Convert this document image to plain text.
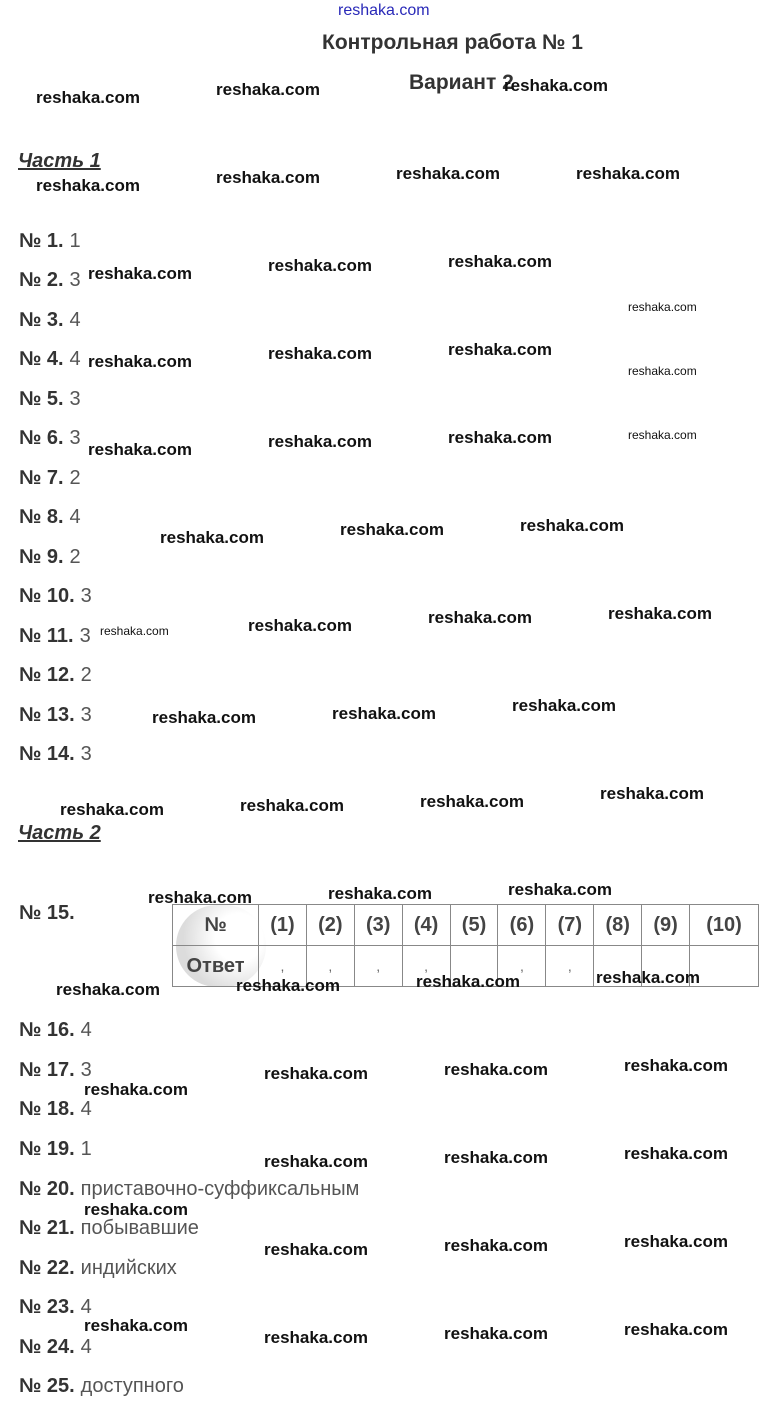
reshaka.com
Контрольная работа № 1
Вариант 2
Часть 1
№ 1. 1
№ 2. 3
№ 3. 4
№ 4. 4
№ 5. 3
№ 6. 3
№ 7. 2
№ 8. 4
№ 9. 2
№ 10. 3
№ 11. 3
№ 12. 2
№ 13. 3
№ 14. 3
Часть 2
№ 15.
№	(1)	(2)	(3)	(4)	(5)	(6)	(7)	(8)	(9)	(10)
Ответ	,	,	,	,		,	,			
№ 16. 4
№ 17. 3
№ 18. 4
№ 19. 1
№ 20. приставочно-суффиксальным
№ 21. побывавшие
№ 22. индийских
№ 23. 4
№ 24. 4
№ 25. доступного
reshaka.com	reshaka.com	reshaka.com
reshaka.com	reshaka.com	reshaka.com	reshaka.com
reshaka.com	reshaka.com	reshaka.com
reshaka.com
reshaka.com	reshaka.com	reshaka.com
reshaka.com
reshaka.com	reshaka.com	reshaka.com	reshaka.com
reshaka.com	reshaka.com	reshaka.com
reshaka.com	reshaka.com	reshaka.com	reshaka.com
reshaka.com	reshaka.com	reshaka.com
reshaka.com	reshaka.com	reshaka.com	reshaka.com
reshaka.com	reshaka.com	reshaka.com
reshaka.com	reshaka.com	reshaka.com	reshaka.com
reshaka.com
reshaka.com	reshaka.com	reshaka.com
reshaka.com	reshaka.com	reshaka.com
reshaka.com
reshaka.com	reshaka.com	reshaka.com
reshaka.com
reshaka.com	reshaka.com	reshaka.com
